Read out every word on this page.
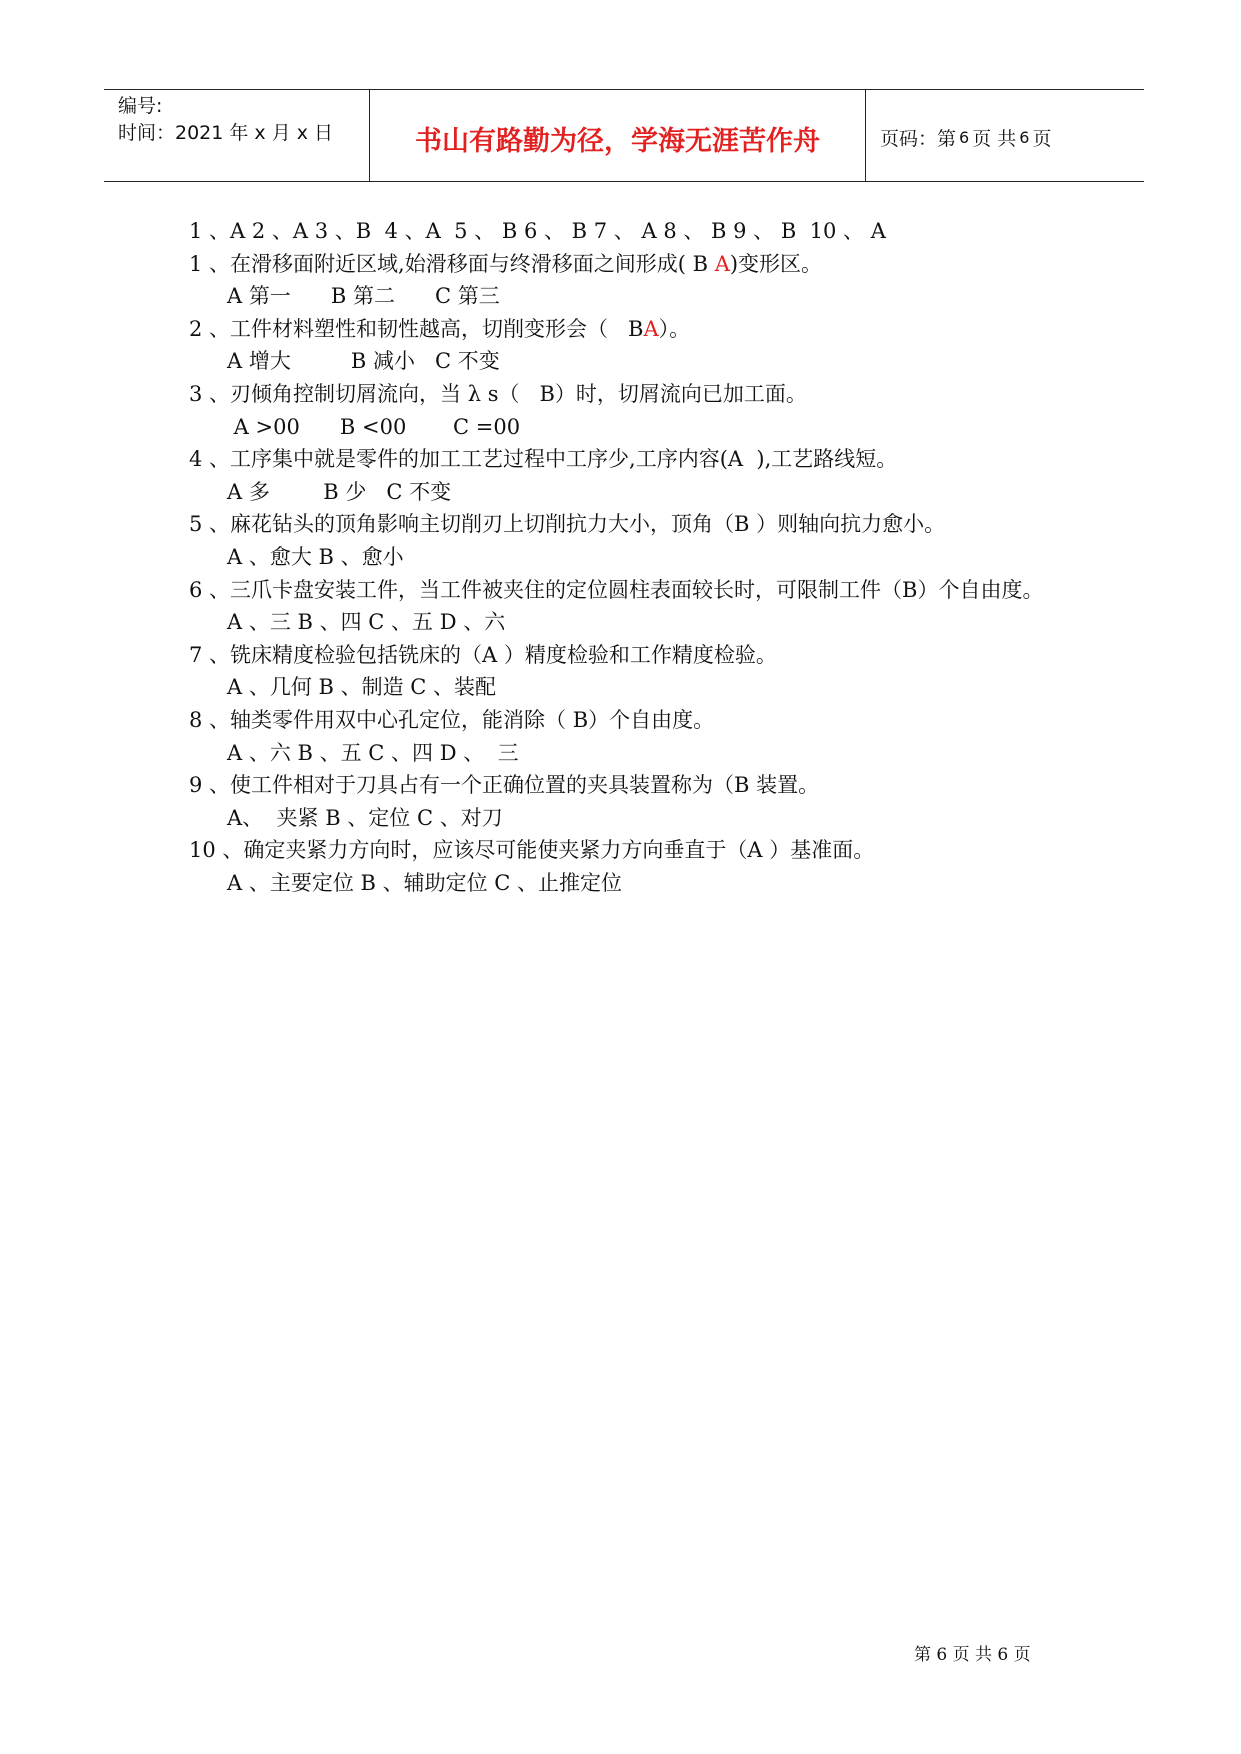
编号:
时间：2021 年 x 月 x 日	书山有路勤为径，学海无涯苦作舟	页码：第 6 页 共 6 页
1 、A 2 、A 3 、B  4 、A  5 、 B 6 、 B 7 、 A 8 、 B 9 、 B  10 、 A
1 、在滑移面附近区域,始滑移面与终滑移面之间形成( B A)变形区。
A 第一      B 第二      C 第三
2 、工件材料塑性和韧性越高，切削变形会（   BA）。
A 增大         B 减小   C 不变
3 、刃倾角控制切屑流向，当 λ s（   B）时，切屑流向已加工面。
A >00      B <00       C =00
4 、工序集中就是零件的加工工艺过程中工序少,工序内容(A  ),工艺路线短。
A 多        B 少   C 不变
5 、麻花钻头的顶角影响主切削刃上切削抗力大小，顶角（B ）则轴向抗力愈小。
A 、愈大 B 、愈小
6 、三爪卡盘安装工件，当工件被夹住的定位圆柱表面较长时，可限制工件（B）个自由度。
A 、三 B 、四 C 、五 D 、六
7 、铣床精度检验包括铣床的（A ）精度检验和工作精度检验。
A 、几何 B 、制造 C 、装配
8 、轴类零件用双中心孔定位，能消除（ B）个自由度。
A 、六 B 、五 C 、四 D 、  三
9 、使工件相对于刀具占有一个正确位置的夹具装置称为（B 装置。
A、  夹紧 B 、定位 C 、对刀
10 、确定夹紧力方向时，应该尽可能使夹紧力方向垂直于（A ）基准面。
A 、主要定位 B 、辅助定位 C 、止推定位
第 6 页 共 6 页
